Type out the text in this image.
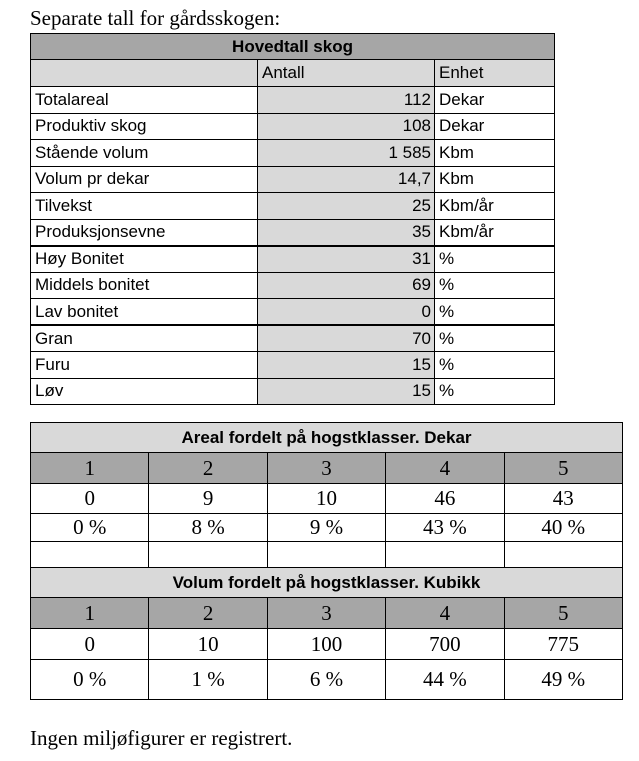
Separate tall for gårdsskogen:
Hovedtall skog		
	Antall	Enhet
Totalareal	112	Dekar
Produktiv skog	108	Dekar
Stående volum	1 585	Kbm
Volum pr dekar	14,7	Kbm
Tilvekst	25	Kbm/år
Produksjonsevne	35	Kbm/år
Høy Bonitet	31	%
Middels bonitet	69	%
Lav bonitet	0	%
Gran	70	%
Furu	15	%
Løv	15	%
Areal fordelt på hogstklasser. Dekar				
1	2	3	4	5
0	9	10	46	43
0 %	8 %	9 %	43 %	40 %

Volum fordelt på hogstklasser. Kubikk				
1	2	3	4	5
0	10	100	700	775
0 %	1 %	6 %	44 %	49 %
Ingen miljøfigurer er registrert.
